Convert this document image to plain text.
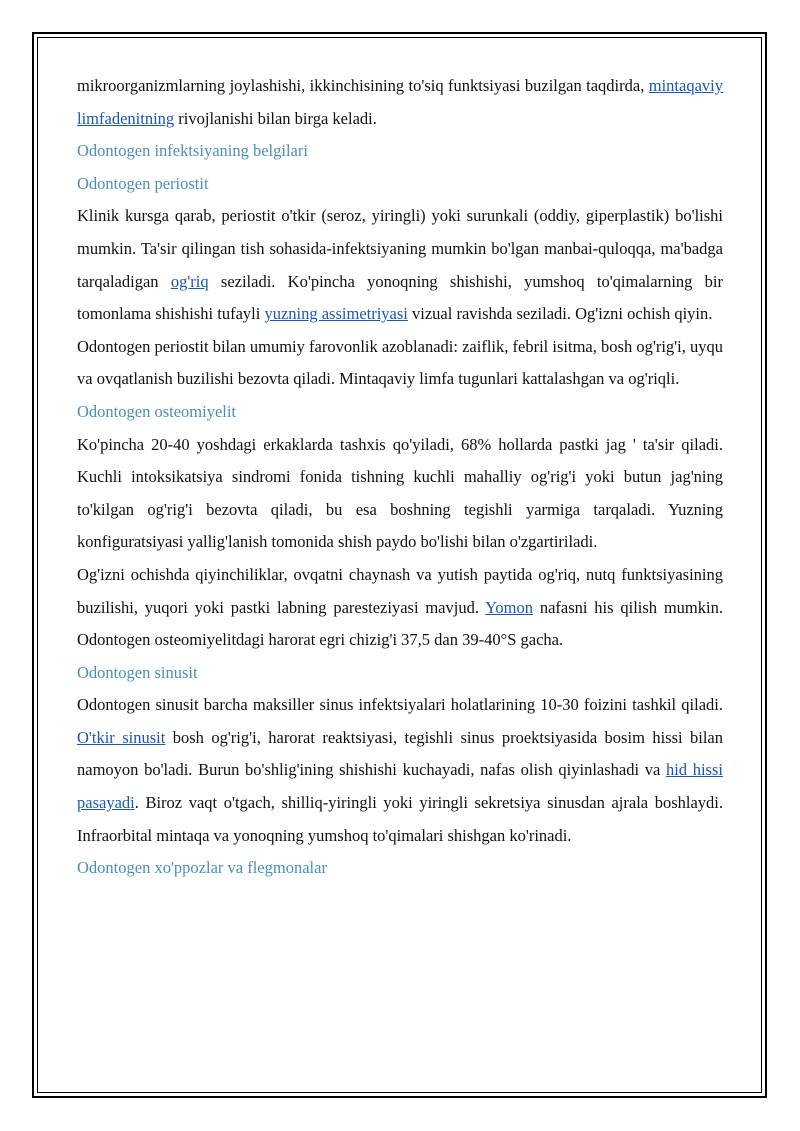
mikroorganizmlarning joylashishi, ikkinchisining to'siq funktsiyasi buzilgan taqdirda, mintaqaviy limfadenitning rivojlanishi bilan birga keladi.

Odontogen infektsiyaning belgilari

Odontogen periostit

Klinik kursga qarab, periostit o'tkir (seroz, yiringli) yoki surunkali (oddiy, giperplastik) bo'lishi mumkin. Ta'sir qilingan tish sohasida-infektsiyaning mumkin bo'lgan manbai-quloqqa, ma'badga tarqaladigan og'riq seziladi. Ko'pincha yonoqning shishishi, yumshoq to'qimalarning bir tomonlama shishishi tufayli yuzning assimetriyasi vizual ravishda seziladi. Og'izni ochish qiyin.

Odontogen periostit bilan umumiy farovonlik azoblanadi: zaiflik, febril isitma, bosh og'rig'i, uyqu va ovqatlanish buzilishi bezovta qiladi. Mintaqaviy limfa tugunlari kattalashgan va og'riqli.

Odontogen osteomiyelit

Ko'pincha 20-40 yoshdagi erkaklarda tashxis qo'yiladi, 68% hollarda pastki jag ' ta'sir qiladi. Kuchli intoksikatsiya sindromi fonida tishning kuchli mahalliy og'rig'i yoki butun jag'ning to'kilgan og'rig'i bezovta qiladi, bu esa boshning tegishli yarmiga tarqaladi. Yuzning konfiguratsiyasi yallig'lanish tomonida shish paydo bo'lishi bilan o'zgartiriladi.

Og'izni ochishda qiyinchiliklar, ovqatni chaynash va yutish paytida og'riq, nutq funktsiyasining buzilishi, yuqori yoki pastki labning paresteziyasi mavjud. Yomon nafasni his qilish mumkin. Odontogen osteomiyelitdagi harorat egri chizig'i 37,5 dan 39-40°S gacha.

Odontogen sinusit

Odontogen sinusit barcha maksiller sinus infektsiyalari holatlarining 10-30 foizini tashkil qiladi. O'tkir sinusit bosh og'rig'i, harorat reaktsiyasi, tegishli sinus proektsiyasida bosim hissi bilan namoyon bo'ladi. Burun bo'shlig'ining shishishi kuchayadi, nafas olish qiyinlashadi va hid hissi pasayadi. Biroz vaqt o'tgach, shilliq-yiringli yoki yiringli sekretsiya sinusdan ajrala boshlaydi. Infraorbital mintaqa va yonoqning yumshoq to'qimalari shishgan ko'rinadi.

Odontogen xo'ppozlar va flegmonalar
